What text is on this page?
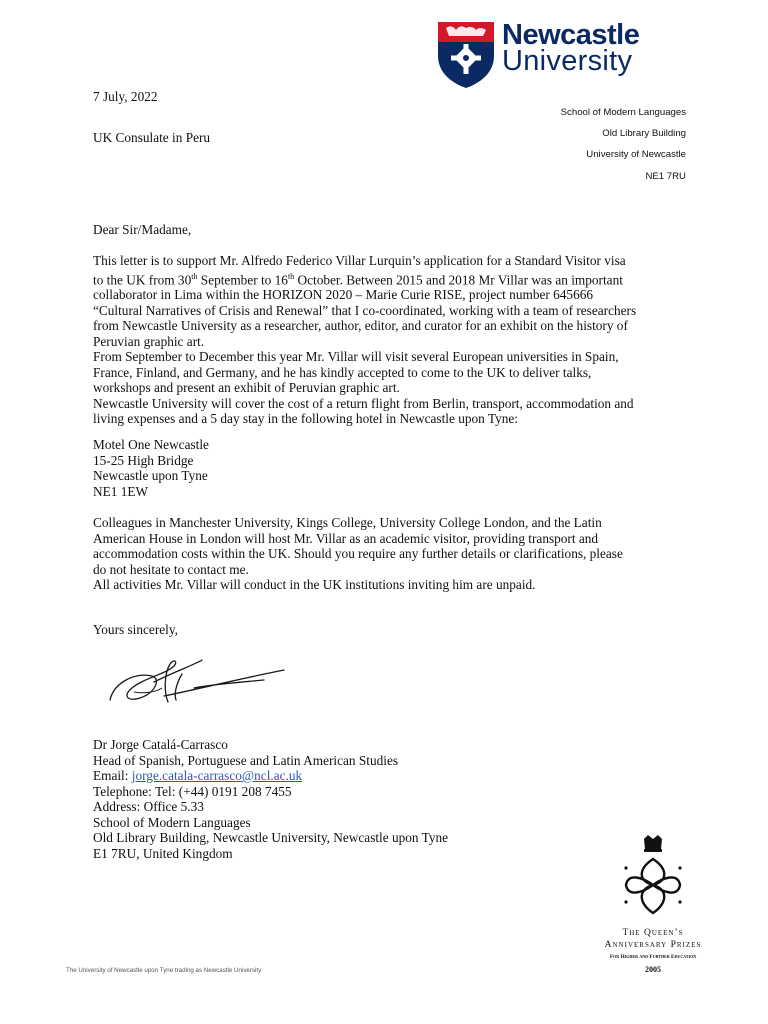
Newcastle
University
7 July, 2022
UK Consulate in Peru
School of Modern Languages
Old Library Building
University of Newcastle
NE1 7RU
Dear Sir/Madame,

This letter is to support Mr. Alfredo Federico Villar Lurquin’s application for a Standard Visitor visa

to the UK from 30th September to 16th October. Between 2015 and 2018 Mr Villar was an important

collaborator in Lima within the HORIZON 2020 – Marie Curie RISE, project number 645666

“Cultural Narratives of Crisis and Renewal” that I co-coordinated, working with a team of researchers

from Newcastle University as a researcher, author, editor, and curator for an exhibit on the history of

Peruvian graphic art.

From September to December this year Mr. Villar will visit several European universities in Spain,

France, Finland, and Germany, and he has kindly accepted to come to the UK to deliver talks,

workshops and present an exhibit of Peruvian graphic art.

Newcastle University will cover the cost of a return flight from Berlin, transport, accommodation and

living expenses and a 5 day stay in the following hotel in Newcastle upon Tyne:

Motel One Newcastle

15-25 High Bridge

Newcastle upon Tyne

NE1 1EW

Colleagues in Manchester University, Kings College, University College London, and the Latin

American House in London will host Mr. Villar as an academic visitor, providing transport and

accommodation costs within the UK. Should you require any further details or clarifications, please

do not hesitate to contact me.

All activities Mr. Villar will conduct in the UK institutions inviting him are unpaid.

Yours sincerely,

Dr Jorge Catalá-Carrasco

Head of Spanish, Portuguese and Latin American Studies

Email: jorge.catala-carrasco@ncl.ac.uk

Telephone: Tel: (+44) 0191 208 7455

Address: Office 5.33

School of Modern Languages

Old Library Building, Newcastle University, Newcastle upon Tyne

E1 7RU, United Kingdom

The Queen’s
Anniversary Prizes
For Higher and Further Education
2005
The University of Newcastle upon Tyne trading as Newcastle University
